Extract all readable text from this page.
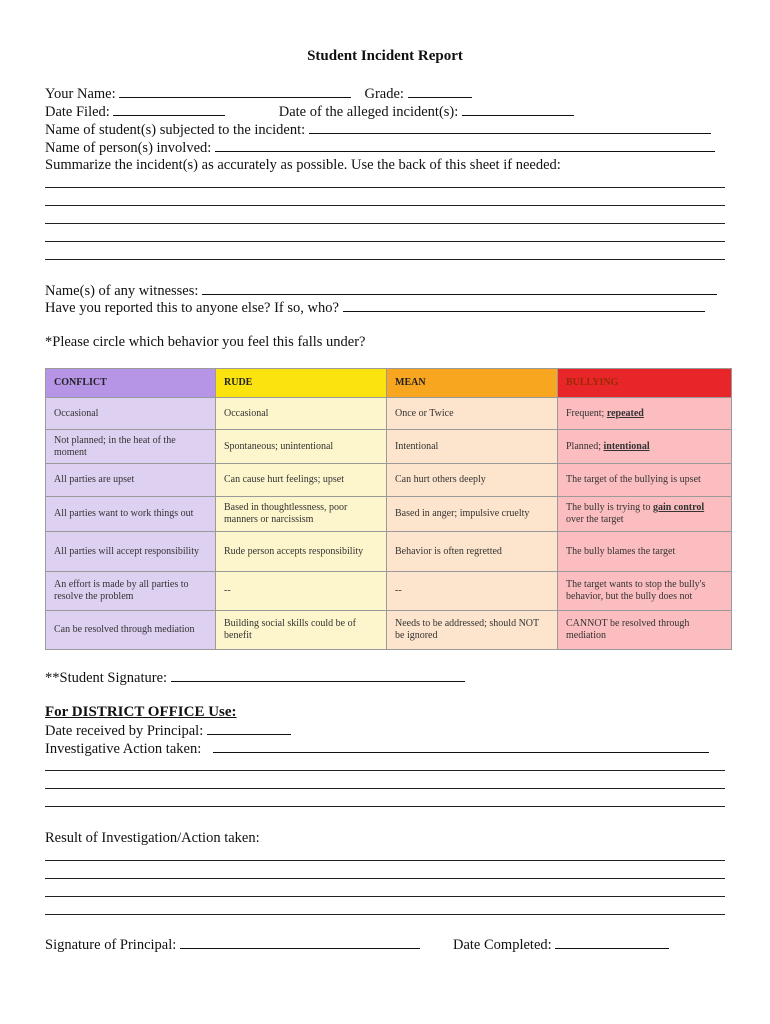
Student Incident Report
Your Name:	Grade:
Date Filed:	Date of the alleged incident(s):
Name of student(s) subjected to the incident:
Name of person(s) involved:
Summarize the incident(s) as accurately as possible. Use the back of this sheet if needed:
Name(s) of any witnesses:
Have you reported this to anyone else? If so, who?
*Please circle which behavior you feel this falls under?
CONFLICT	RUDE	MEAN	BULLYING
Occasional	Occasional	Once or Twice	Frequent; repeated
Not planned; in the heat of the moment	Spontaneous; unintentional	Intentional	Planned; intentional
All parties are upset	Can cause hurt feelings; upset	Can hurt others deeply	The target of the bullying is upset
All parties want to work things out	Based in thoughtlessness, poor manners or narcissism	Based in anger; impulsive cruelty	The bully is trying to gain control over the target
All parties will accept responsibility	Rude person accepts responsibility	Behavior is often regretted	The bully blames the target
An effort is made by all parties to resolve the problem	--	--	The target wants to stop the bully's behavior, but the bully does not
Can be resolved through mediation	Building social skills could be of benefit	Needs to be addressed; should NOT be ignored	CANNOT be resolved through mediation
**Student Signature:
For DISTRICT OFFICE Use:
Date received by Principal:
Investigative Action taken:
Result of Investigation/Action taken:
Signature of Principal:	Date Completed:
